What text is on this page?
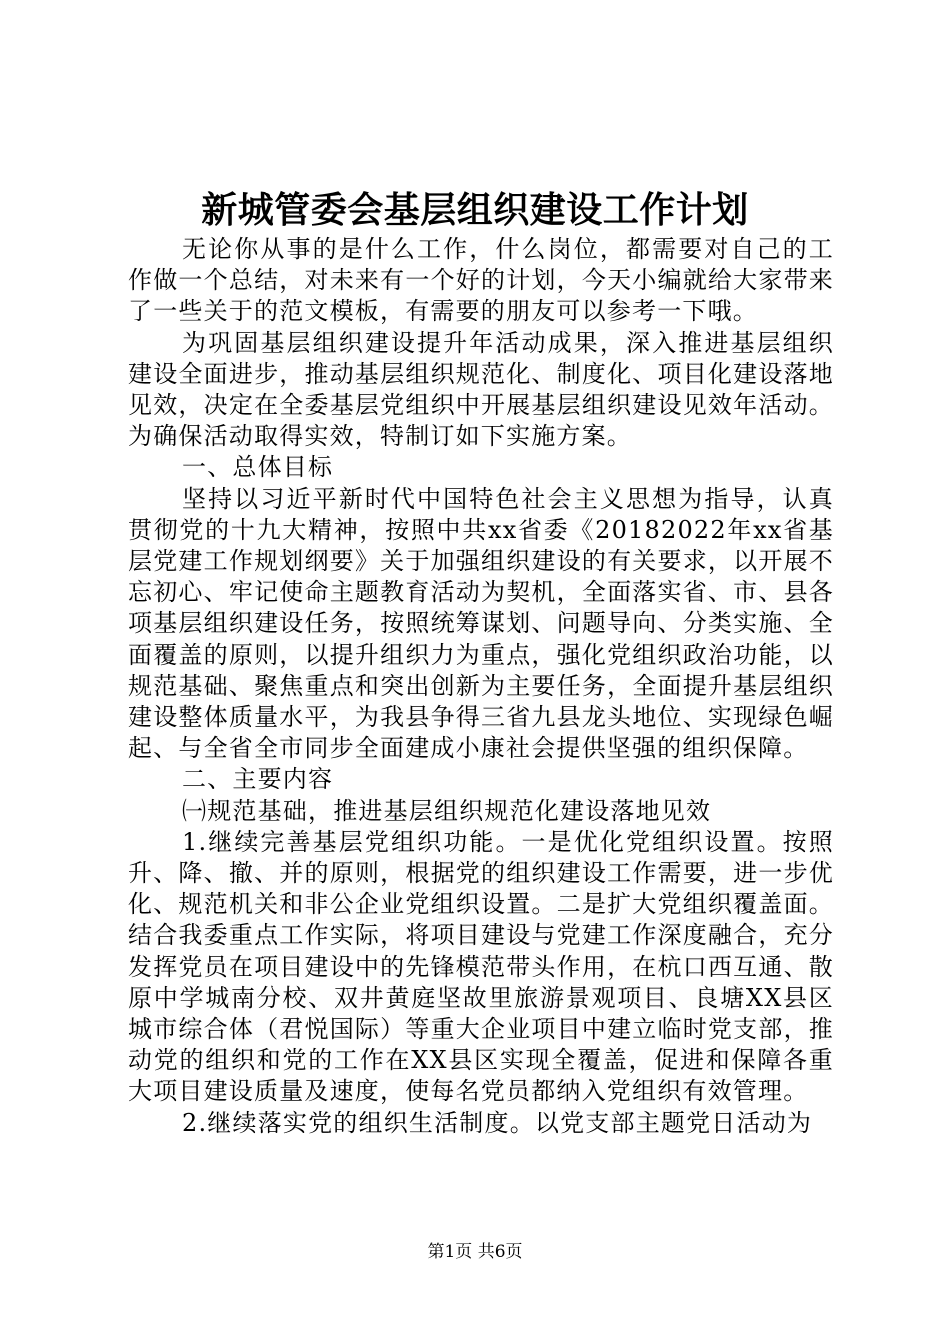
新城管委会基层组织建设工作计划

无论你从事的是什么工作，什么岗位，都需要对自己的工作做一个总结，对未来有一个好的计划，今天小编就给大家带来了一些关于的范文模板，有需要的朋友可以参考一下哦。

为巩固基层组织建设提升年活动成果，深入推进基层组织建设全面进步，推动基层组织规范化、制度化、项目化建设落地见效，决定在全委基层党组织中开展基层组织建设见效年活动。为确保活动取得实效，特制订如下实施方案。

一、总体目标

坚持以习近平新时代中国特色社会主义思想为指导，认真贯彻党的十九大精神，按照中共xx省委《20182022年xx省基层党建工作规划纲要》关于加强组织建设的有关要求，以开展不忘初心、牢记使命主题教育活动为契机，全面落实省、市、县各项基层组织建设任务，按照统筹谋划、问题导向、分类实施、全面覆盖的原则，以提升组织力为重点，强化党组织政治功能，以规范基础、聚焦重点和突出创新为主要任务，全面提升基层组织建设整体质量水平，为我县争得三省九县龙头地位、实现绿色崛起、与全省全市同步全面建成小康社会提供坚强的组织保障。

二、主要内容

㈠规范基础，推进基层组织规范化建设落地见效

1.继续完善基层党组织功能。一是优化党组织设置。按照升、降、撤、并的原则，根据党的组织建设工作需要，进一步优化、规范机关和非公企业党组织设置。二是扩大党组织覆盖面。结合我委重点工作实际，将项目建设与党建工作深度融合，充分发挥党员在项目建设中的先锋模范带头作用，在杭口西互通、散原中学城南分校、双井黄庭坚故里旅游景观项目、良塘XX县区城市综合体（君悦国际）等重大企业项目中建立临时党支部，推动党的组织和党的工作在XX县区实现全覆盖，促进和保障各重大项目建设质量及速度，使每名党员都纳入党组织有效管理。

2.继续落实党的组织生活制度。以党支部主题党日活动为

第1页 共6页
